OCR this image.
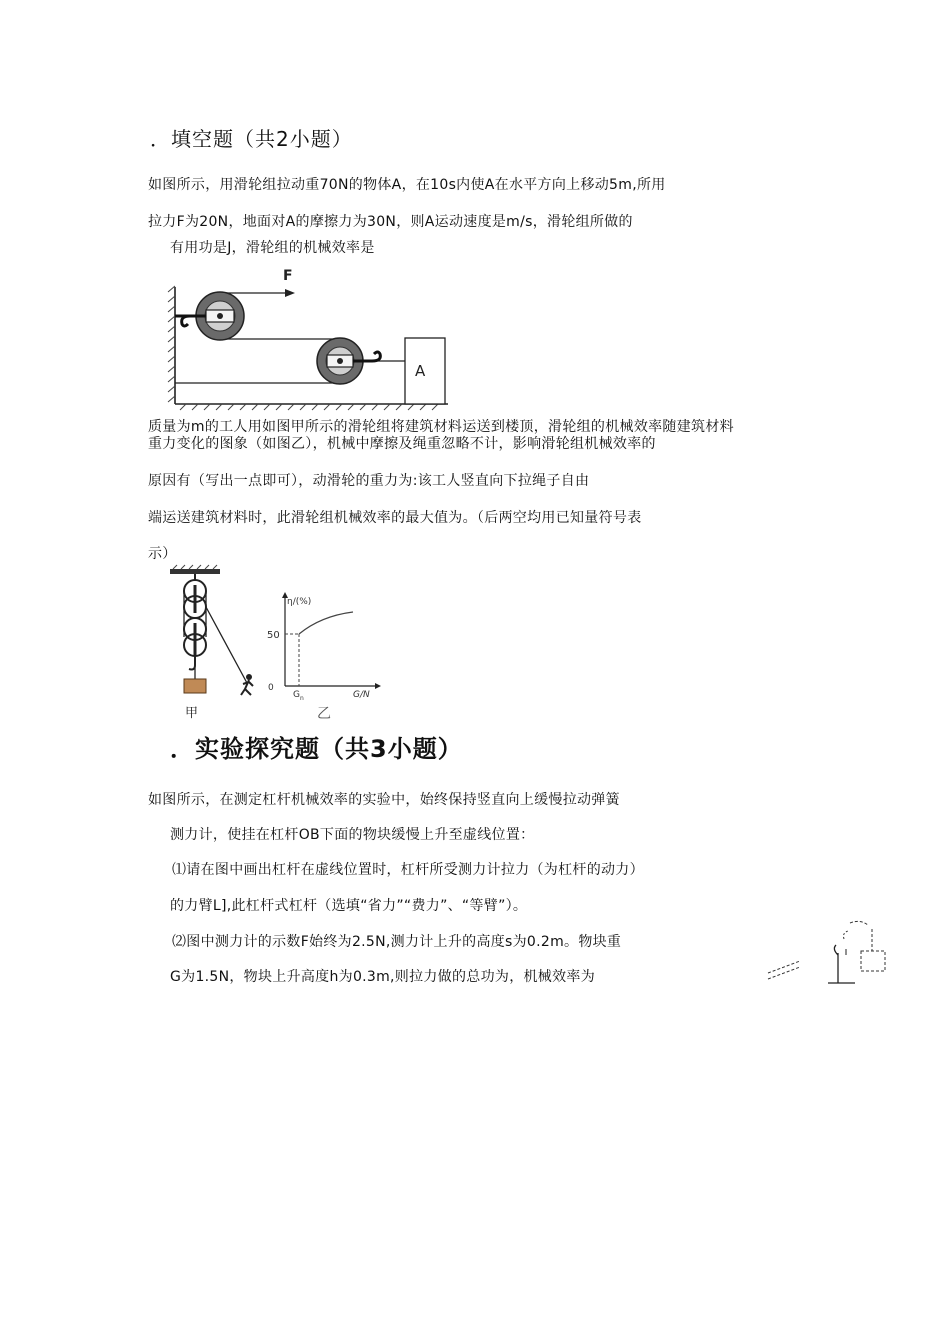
．填空题（共2小题）
如图所示，用滑轮组拉动重70N的物体A，在10s内使A在水平方向上移动5m,所用
拉力F为20N，地面对A的摩擦力为30N，则A运动速度是m/s，滑轮组所做的
有用功是J，滑轮组的机械效率是
F
A
质量为m的工人用如图甲所示的滑轮组将建筑材料运送到楼顶，滑轮组的机械效率随建筑材料
重力变化的图象（如图乙），机械中摩擦及绳重忽略不计，影响滑轮组机械效率的
原因有（写出一点即可），动滑轮的重力为:该工人竖直向下拉绳子自由
端运送建筑材料时，此滑轮组机械效率的最大值为。（后两空均用已知量符号表
示）
甲
η/(%)
G/N
50
0
G n
乙
．实验探究题（共3小题）
如图所示，在测定杠杆机械效率的实验中，始终保持竖直向上缓慢拉动弹簧
测力计，使挂在杠杆OB下面的物块缓慢上升至虚线位置：
⑴请在图中画出杠杆在虚线位置时，杠杆所受测力计拉力（为杠杆的动力）
的力臂L],此杠杆式杠杆（选填“省力”“费力”、“等臂”）。
⑵图中测力计的示数F始终为2.5N,测力计上升的高度s为0.2m。物块重
G为1.5N，物块上升高度h为0.3m,则拉力做的总功为，机械效率为
